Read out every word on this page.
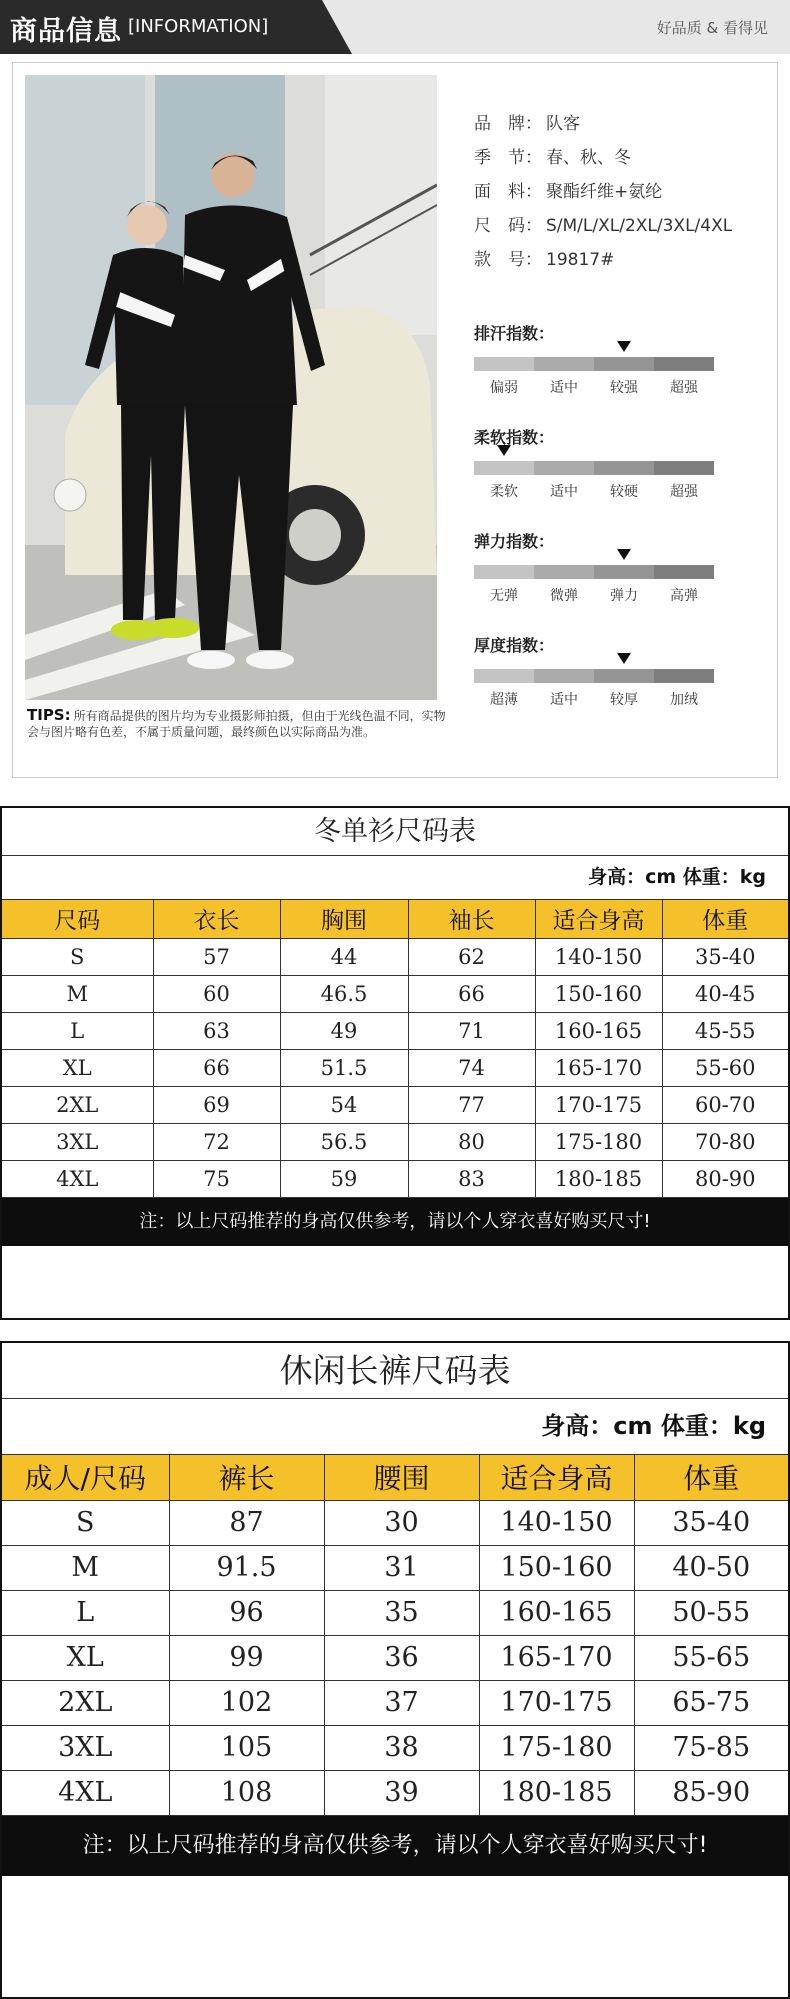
商品信息 [INFORMATION]	好品质 & 看得见
品　牌： 队客
季　节： 春、秋、冬
面　料： 聚酯纤维+氨纶
尺　码： S/M/L/XL/2XL/3XL/4XL
款　号： 19817#
排汗指数：
偏弱	适中	较强	超强
柔软指数：
柔软	适中	较硬	超强
弹力指数：
无弹	微弹	弹力	高弹
厚度指数：
超薄	适中	较厚	加绒
TIPS: 所有商品提供的图片均为专业摄影师拍摄，但由于光线色温不同，实物会与图片略有色差，不属于质量问题，最终颜色以实际商品为准。
冬单衫尺码表
身高：cm 体重：kg
尺码	衣长	胸围	袖长	适合身高	体重
S	57	44	62	140-150	35-40
M	60	46.5	66	150-160	40-45
L	63	49	71	160-165	45-55
XL	66	51.5	74	165-170	55-60
2XL	69	54	77	170-175	60-70
3XL	72	56.5	80	175-180	70-80
4XL	75	59	83	180-185	80-90
注：以上尺码推荐的身高仅供参考，请以个人穿衣喜好购买尺寸!
休闲长裤尺码表
身高：cm 体重：kg
成人/尺码	裤长	腰围	适合身高	体重
S	87	30	140-150	35-40
M	91.5	31	150-160	40-50
L	96	35	160-165	50-55
XL	99	36	165-170	55-65
2XL	102	37	170-175	65-75
3XL	105	38	175-180	75-85
4XL	108	39	180-185	85-90
注：以上尺码推荐的身高仅供参考，请以个人穿衣喜好购买尺寸!
